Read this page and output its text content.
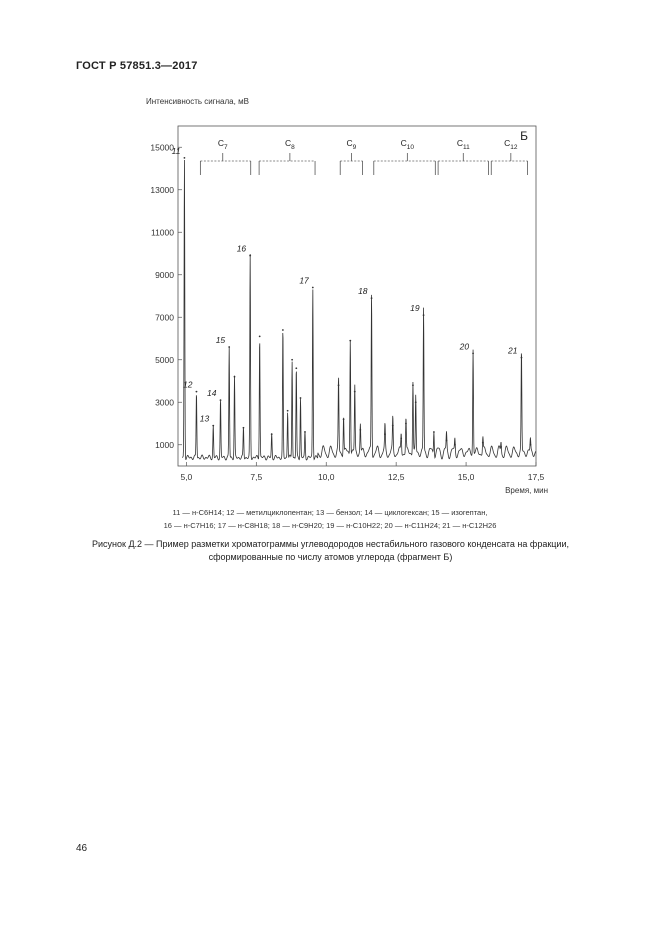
ГОСТ Р 57851.3—2017
Интенсивность сигнала, мВ
1000
3000
5000
7000
9000
11000
13000
15000
5,0	7,5	10,0	12,5	15,0	17,5
Время, мин
Б
11
12
13
14
15
16
17
18
19
20	21
$C_7$	$C_8$	$C_9$	$C_{10}$	$C_{11}$	$C_{12}$
11 — н-C6H14; 12 — метилциклопентан; 13 — бензол; 14 — циклогексан; 15 — изогептан,
16 — н-C7H16; 17 — н-C8H18; 18 — н-C9H20; 19 — н-C10H22; 20 — н-C11H24; 21 — н-C12H26
Рисунок Д.2 — Пример разметки хроматограммы углеводородов нестабильного газового конденсата на фракции,
сформированные по числу атомов углерода (фрагмент Б)
46
